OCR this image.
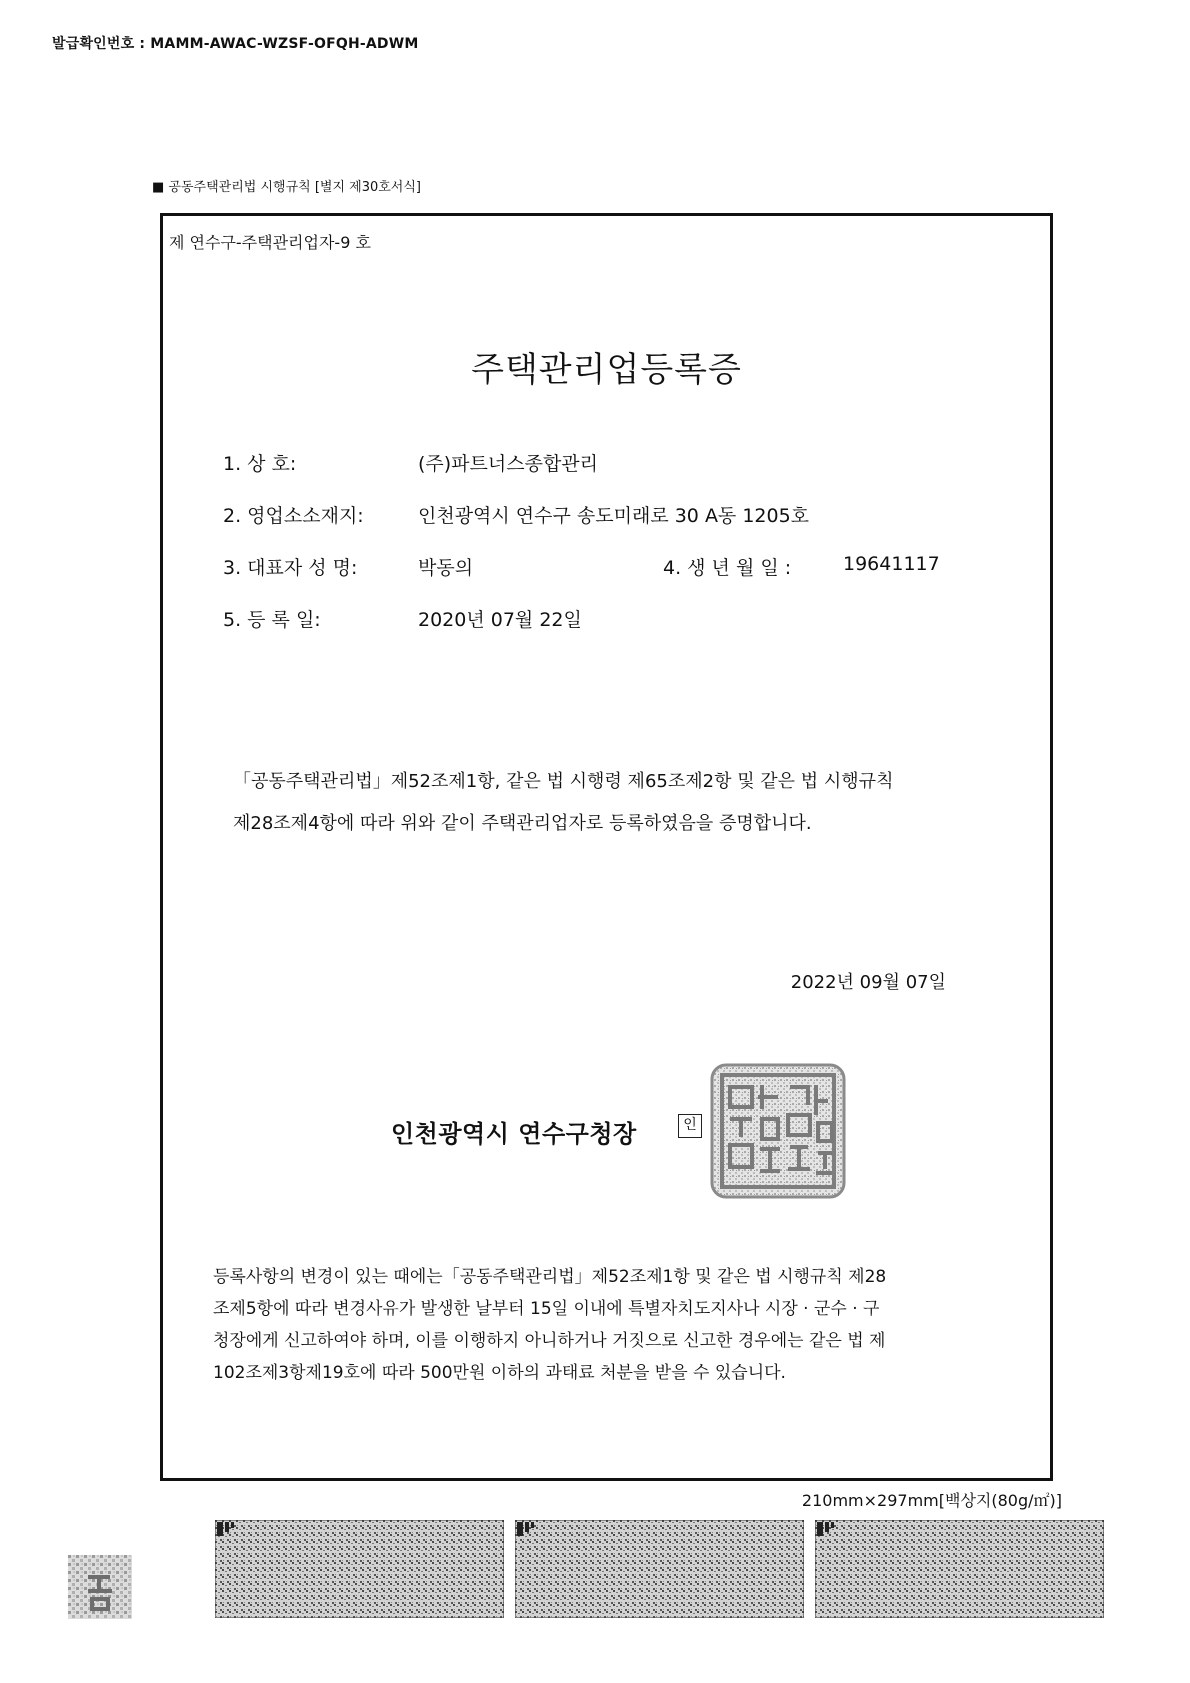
발급확인번호 : MAMM-AWAC-WZSF-OFQH-ADWM
■ 공동주택관리법 시행규칙 [별지 제30호서식]
제 연수구-주택관리업자-9 호
주택관리업등록증
1. 상 호:	(주)파트너스종합관리
2. 영업소소재지:	인천광역시 연수구 송도미래로 30 A동 1205호
3. 대표자 성 명:	박동의	4. 생 년 월 일 :	19641117
5. 등 록 일:	2020년 07월 22일
「공동주택관리법」제52조제1항, 같은 법 시행령 제65조제2항 및 같은 법 시행규칙
제28조제4항에 따라 위와 같이 주택관리업자로 등록하였음을 증명합니다.
2022년 09월 07일
인천광역시 연수구청장	인
등록사항의 변경이 있는 때에는「공동주택관리법」제52조제1항 및 같은 법 시행규칙 제28
조제5항에 따라 변경사유가 발생한 날부터 15일 이내에 특별자치도지사나 시장 · 군수 · 구
청장에게 신고하여야 하며, 이를 이행하지 아니하거나 거짓으로 신고한 경우에는 같은 법 제
102조제3항제19호에 따라 500만원 이하의 과태료 처분을 받을 수 있습니다.
210mm×297mm[백상지(80g/㎡)]
